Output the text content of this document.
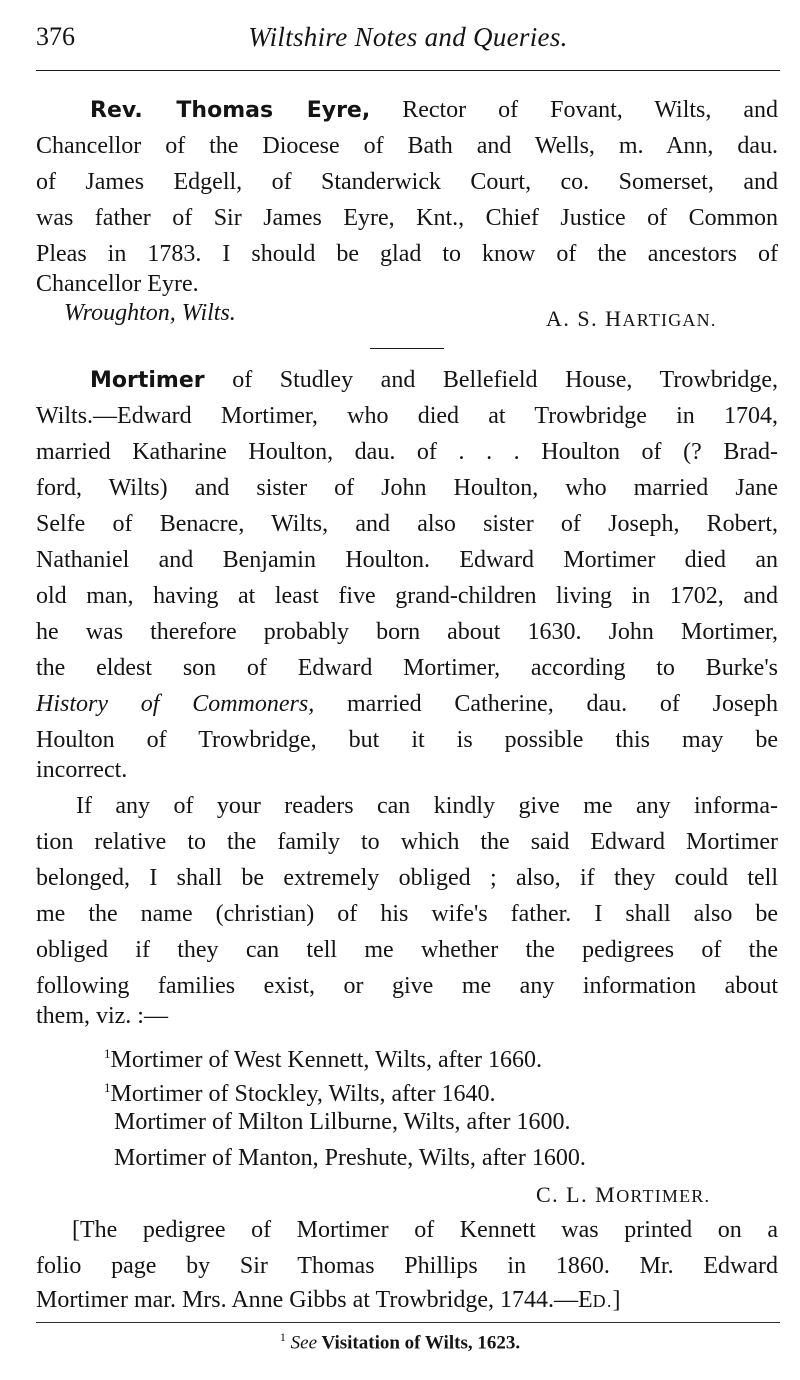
376	Wiltshire Notes and Queries.
Rev. Thomas Eyre, Rector of Fovant, Wilts, and
Chancellor of the Diocese of Bath and Wells, m. Ann, dau.
of James Edgell, of Standerwick Court, co. Somerset, and
was father of Sir James Eyre, Knt., Chief Justice of Common
Pleas in 1783. I should be glad to know of the ancestors of
Chancellor Eyre.
Wroughton, Wilts.	A. S. HARTIGAN.
Mortimer of Studley and Bellefield House, Trowbridge,
Wilts.—Edward Mortimer, who died at Trowbridge in 1704,
married Katharine Houlton, dau. of . . . Houlton of (? Brad-
ford, Wilts) and sister of John Houlton, who married Jane
Selfe of Benacre, Wilts, and also sister of Joseph, Robert,
Nathaniel and Benjamin Houlton. Edward Mortimer died an
old man, having at least five grand-children living in 1702, and
he was therefore probably born about 1630. John Mortimer,
the eldest son of Edward Mortimer, according to Burke's
History of Commoners, married Catherine, dau. of Joseph
Houlton of Trowbridge, but it is possible this may be
incorrect.
If any of your readers can kindly give me any informa-
tion relative to the family to which the said Edward Mortimer
belonged, I shall be extremely obliged ; also, if they could tell
me the name (christian) of his wife's father. I shall also be
obliged if they can tell me whether the pedigrees of the
following families exist, or give me any information about
them, viz. :—
$^1$Mortimer of West Kennett, Wilts, after 1660.
$^1$Mortimer of Stockley, Wilts, after 1640.
Mortimer of Milton Lilburne, Wilts, after 1600.
Mortimer of Manton, Preshute, Wilts, after 1600.
C. L. MORTIMER.
[The pedigree of Mortimer of Kennett was printed on a
folio page by Sir Thomas Phillips in 1860. Mr. Edward
Mortimer mar. Mrs. Anne Gibbs at Trowbridge, 1744.—ED.]
$^1$ See Visitation of Wilts, 1623.
